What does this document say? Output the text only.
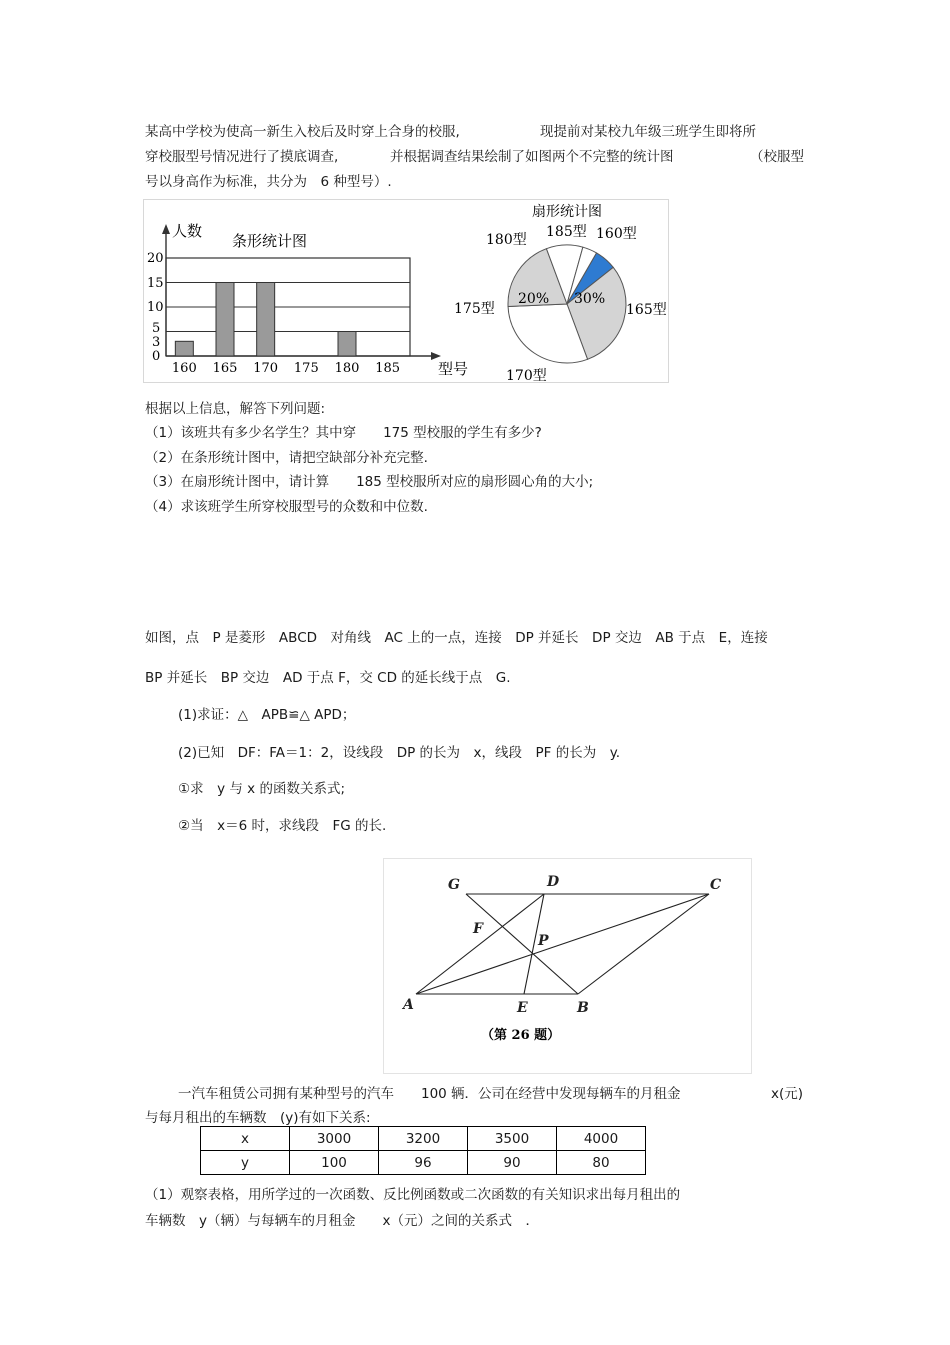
某高中学校为使高一新生入校后及时穿上合身的校服,	现提前对某校九年级三班学生即将所
穿校服型号情况进行了摸底调查,	并根据调查结果绘制了如图两个不完整的统计图	（校服型
号以身高作为标准，共分为　6 种型号）.
160 165 170 175 180 185
20
15
10
5
3
0
人数
条形统计图
型号
扇形统计图
20% 30%
180型 185型 160型
175型	165型
170型
根据以上信息，解答下列问题:
（1）该班共有多少名学生？其中穿　　175 型校服的学生有多少?
（2）在条形统计图中，请把空缺部分补充完整.
（3）在扇形统计图中，请计算　　185 型校服所对应的扇形圆心角的大小;
（4）求该班学生所穿校服型号的众数和中位数.
如图，点　P 是菱形　ABCD　对角线　AC 上的一点，连接　DP 并延长　DP 交边　AB 于点　E，连接
BP 并延长　BP 交边　AD 于点 F，交 CD 的延长线于点　G.
(1)求证：△　APB≌△ APD；
(2)已知　DF：FA＝1：2，设线段　DP 的长为　x，线段　PF 的长为　y.
①求　y 与 x 的函数关系式;
②当　x＝6 时，求线段　FG 的长.
G	D	C
F
P
A	E	B
（第 26 题）
一汽车租赁公司拥有某种型号的汽车　　100 辆．公司在经营中发现每辆车的月租金	x(元)
与每月租出的车辆数　(y)有如下关系:
x	3000	3200	3500	4000
y	100	96	90	80
（1）观察表格，用所学过的一次函数、反比例函数或二次函数的有关知识求出每月租出的
车辆数　y（辆）与每辆车的月租金　　x（元）之间的关系式　．
